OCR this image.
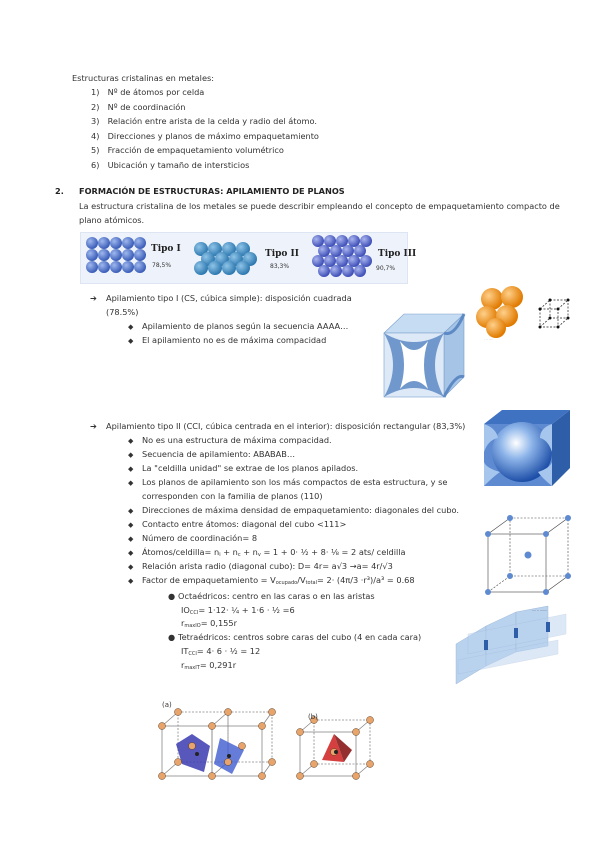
Estructuras cristalinas en metales:
1) Nº de átomos por celda
2) Nº de coordinación
3) Relación entre arista de la celda y radio del átomo.
4) Direcciones y planos de máximo empaquetamiento
5) Fracción de empaquetamiento volumétrico
6) Ubicación y tamaño de intersticios
2. FORMACIÓN DE ESTRUCTURAS: APILAMIENTO DE PLANOS
La estructura cristalina de los metales se puede describir empleando el concepto de empaquetamiento compacto de
plano atómicos.
Tipo I
78,5%
Tipo II
83,3%
Tipo III
90,7%
➔ Apilamiento tipo I (CS, cúbica simple): disposición cuadrada
(78.5%)
◆ Apilamiento de planos según la secuencia AAAA…
◆ El apilamiento no es de máxima compacidad	· ·· ····
➔ Apilamiento tipo II (CCI, cúbica centrada en el interior): disposición rectangular (83,3%)
◆ No es una estructura de máxima compacidad.
◆ Secuencia de apilamiento: ABABAB…
◆ La "celdilla unidad" se extrae de los planos apilados.
◆ Los planos de apilamiento son los más compactos de esta estructura, y se
corresponden con la familia de planos (110)
◆ Direcciones de máxima densidad de empaquetamiento: diagonales del cubo.
◆ Contacto entre átomos: diagonal del cubo <111>
◆ Número de coordinación= 8
◆ Átomos/celdilla= $n_i + n_c + n_v = 1 + 0\cdot$ ½ + 8· ⅛ = 2 ats/ celdilla
◆ Relación arista radio (diagonal cubo): D= 4r= a√3 →a= 4r/√3
◆ Factor de empaquetamiento = $V_{ocupado}/V_{total}= 2\cdot (4\pi/3 \cdot r^3)/a^3 = 0.68$
● Octaédricos: centro en las caras o en las aristas
$IO_{CCI}= 1\cdot 12\cdot$ ¼ + 1·6 · ½ =6
$r_{maxIO}= 0,155r$
● Tetraédricos: centros sobre caras del cubo (4 en cada cara)
$IT_{CCI}= 4\cdot 6$ · ½ = 12
$r_{maxIT}= 0,291r$
···· ·· ·······
(a)
(b)
